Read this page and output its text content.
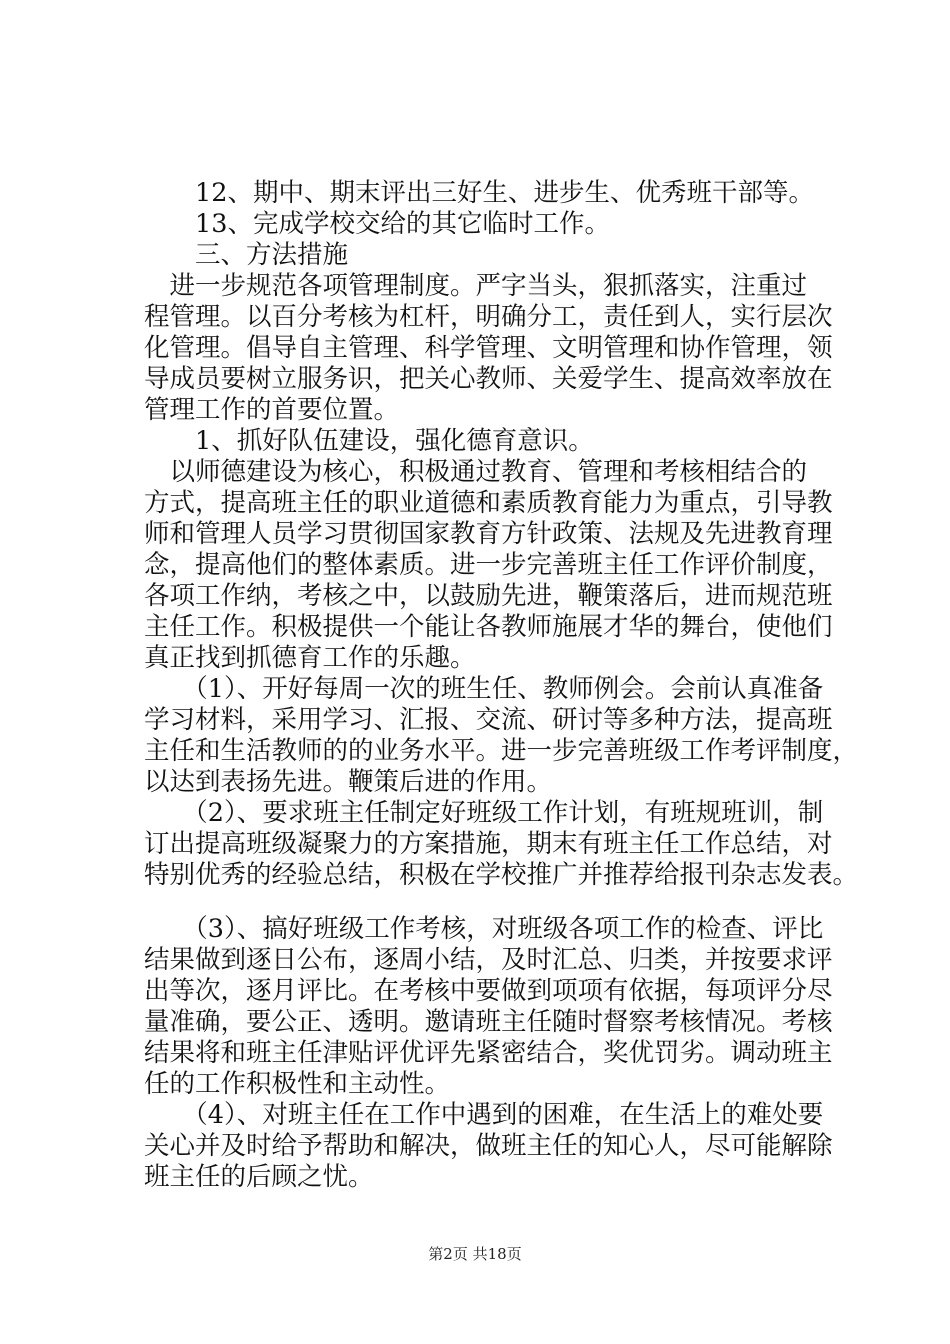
　　12、期中、期末评出三好生、进步生、优秀班干部等。
　　13、完成学校交给的其它临时工作。
　　三、方法措施
　进一步规范各项管理制度。严字当头，狠抓落实，注重过
程管理。以百分考核为杠杆，明确分工，责任到人，实行层次
化管理。倡导自主管理、科学管理、文明管理和协作管理，领
导成员要树立服务识，把关心教师、关爱学生、提高效率放在
管理工作的首要位置。
　　1、抓好队伍建设，强化德育意识。
　以师德建设为核心，积极通过教育、管理和考核相结合的
方式，提高班主任的职业道德和素质教育能力为重点，引导教
师和管理人员学习贯彻国家教育方针政策、法规及先进教育理
念，提高他们的整体素质。进一步完善班主任工作评价制度，
各项工作纳，考核之中，以鼓励先进，鞭策落后，进而规范班
主任工作。积极提供一个能让各教师施展才华的舞台，使他们
真正找到抓德育工作的乐趣。
　　（1）、开好每周一次的班生任、教师例会。会前认真准备
学习材料，采用学习、汇报、交流、研讨等多种方法，提高班
主任和生活教师的的业务水平。进一步完善班级工作考评制度，
以达到表扬先进。鞭策后进的作用。
　　（2）、要求班主任制定好班级工作计划，有班规班训，制
订出提高班级凝聚力的方案措施，期末有班主任工作总结，对
特别优秀的经验总结，积极在学校推广并推荐给报刊杂志发表。
　　（3）、搞好班级工作考核，对班级各项工作的检查、评比
结果做到逐日公布，逐周小结，及时汇总、归类，并按要求评
出等次，逐月评比。在考核中要做到项项有依据，每项评分尽
量准确，要公正、透明。邀请班主任随时督察考核情况。考核
结果将和班主任津贴评优评先紧密结合，奖优罚劣。调动班主
任的工作积极性和主动性。
　　（4）、对班主任在工作中遇到的困难，在生活上的难处要
关心并及时给予帮助和解决，做班主任的知心人，尽可能解除
班主任的后顾之忧。
第2页 共18页
